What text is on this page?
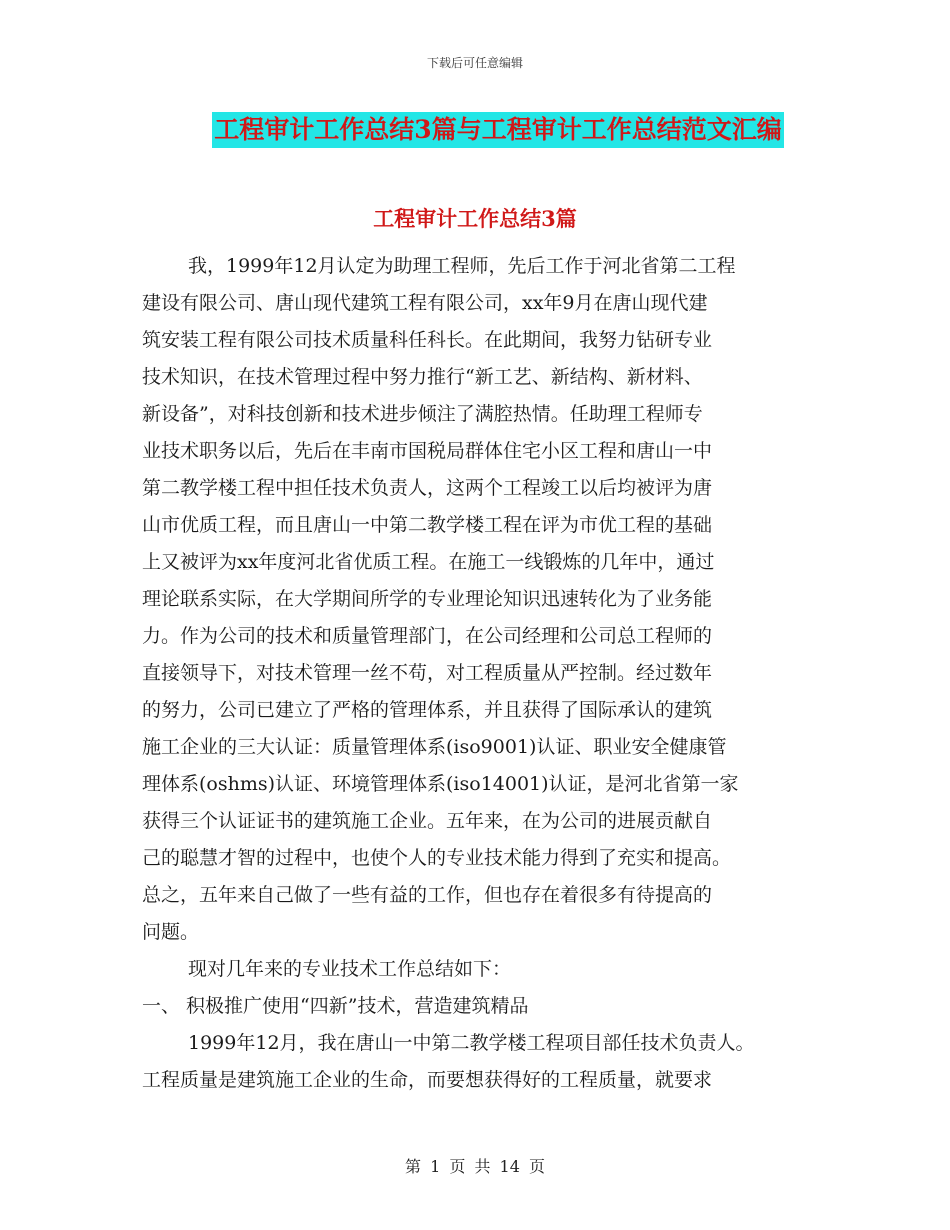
下载后可任意编辑
工程审计工作总结3篇与工程审计工作总结范文汇编
工程审计工作总结3篇
我，1999年12月认定为助理工程师，先后工作于河北省第二工程
建设有限公司、唐山现代建筑工程有限公司，xx年9月在唐山现代建
筑安装工程有限公司技术质量科任科长。在此期间，我努力钻研专业
技术知识，在技术管理过程中努力推行“新工艺、新结构、新材料、
新设备”，对科技创新和技术进步倾注了满腔热情。任助理工程师专
业技术职务以后，先后在丰南市国税局群体住宅小区工程和唐山一中
第二教学楼工程中担任技术负责人，这两个工程竣工以后均被评为唐
山市优质工程，而且唐山一中第二教学楼工程在评为市优工程的基础
上又被评为xx年度河北省优质工程。在施工一线锻炼的几年中，通过
理论联系实际，在大学期间所学的专业理论知识迅速转化为了业务能
力。作为公司的技术和质量管理部门，在公司经理和公司总工程师的
直接领导下，对技术管理一丝不苟，对工程质量从严控制。经过数年
的努力，公司已建立了严格的管理体系，并且获得了国际承认的建筑
施工企业的三大认证：质量管理体系(iso9001)认证、职业安全健康管
理体系(oshms)认证、环境管理体系(iso14001)认证，是河北省第一家
获得三个认证证书的建筑施工企业。五年来，在为公司的进展贡献自
己的聪慧才智的过程中，也使个人的专业技术能力得到了充实和提高。
总之，五年来自己做了一些有益的工作，但也存在着很多有待提高的
问题。
现对几年来的专业技术工作总结如下：
一、 积极推广使用“四新”技术，营造建筑精品
1999年12月，我在唐山一中第二教学楼工程项目部任技术负责人。
工程质量是建筑施工企业的生命，而要想获得好的工程质量，就要求
第 1 页 共 14 页
